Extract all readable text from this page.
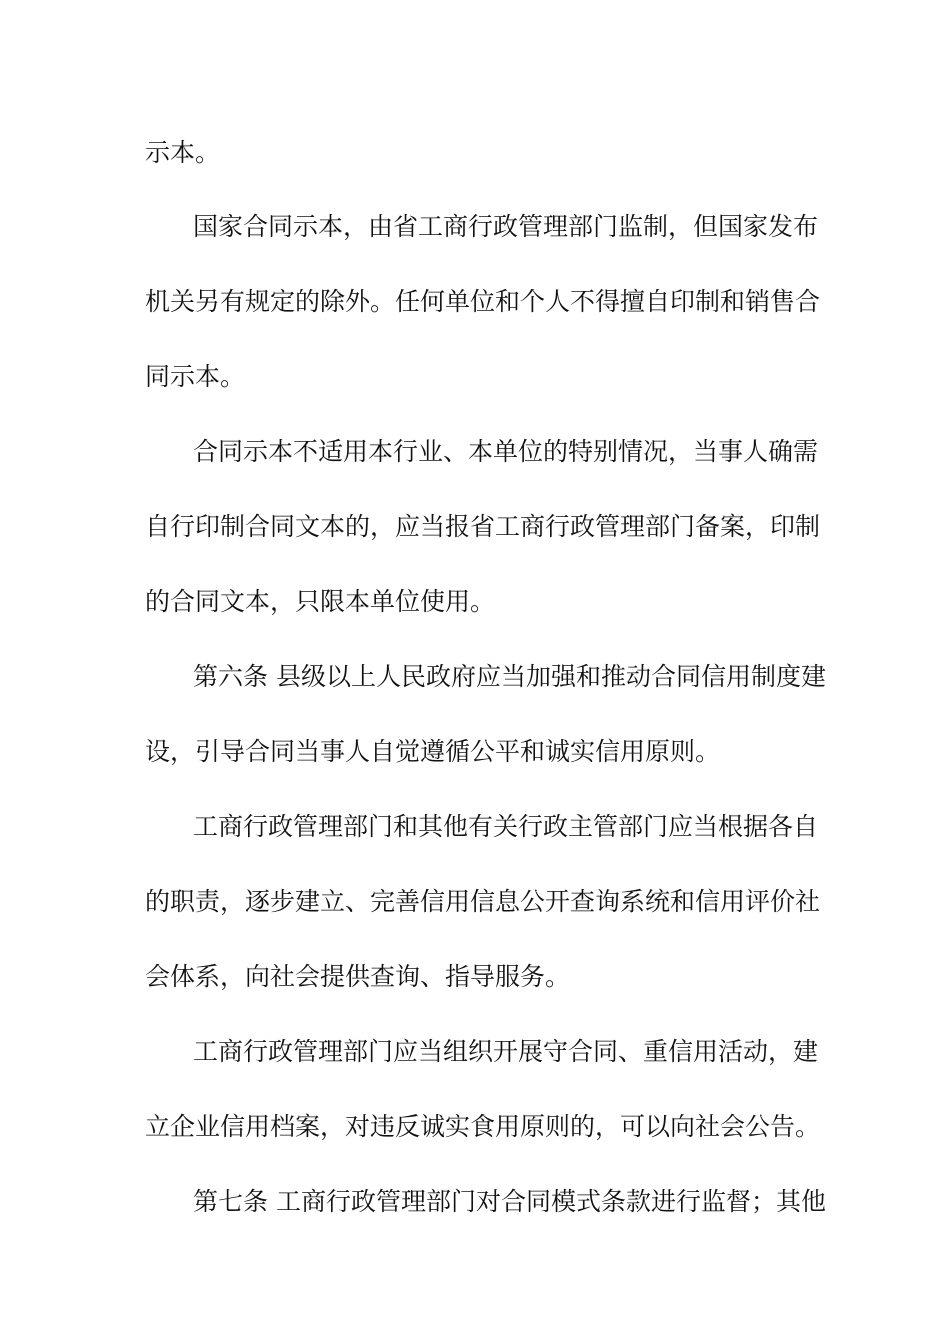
示本。
国家合同示本，由省工商行政管理部门监制，但国家发布
机关另有规定的除外。任何单位和个人不得擅自印制和销售合
同示本。
合同示本不适用本行业、本单位的特别情况，当事人确需
自行印制合同文本的，应当报省工商行政管理部门备案，印制
的合同文本，只限本单位使用。
第六条 县级以上人民政府应当加强和推动合同信用制度建
设，引导合同当事人自觉遵循公平和诚实信用原则。
工商行政管理部门和其他有关行政主管部门应当根据各自
的职责，逐步建立、完善信用信息公开查询系统和信用评价社
会体系，向社会提供查询、指导服务。
工商行政管理部门应当组织开展守合同、重信用活动，建
立企业信用档案，对违反诚实食用原则的，可以向社会公告。
第七条 工商行政管理部门对合同模式条款进行监督；其他
